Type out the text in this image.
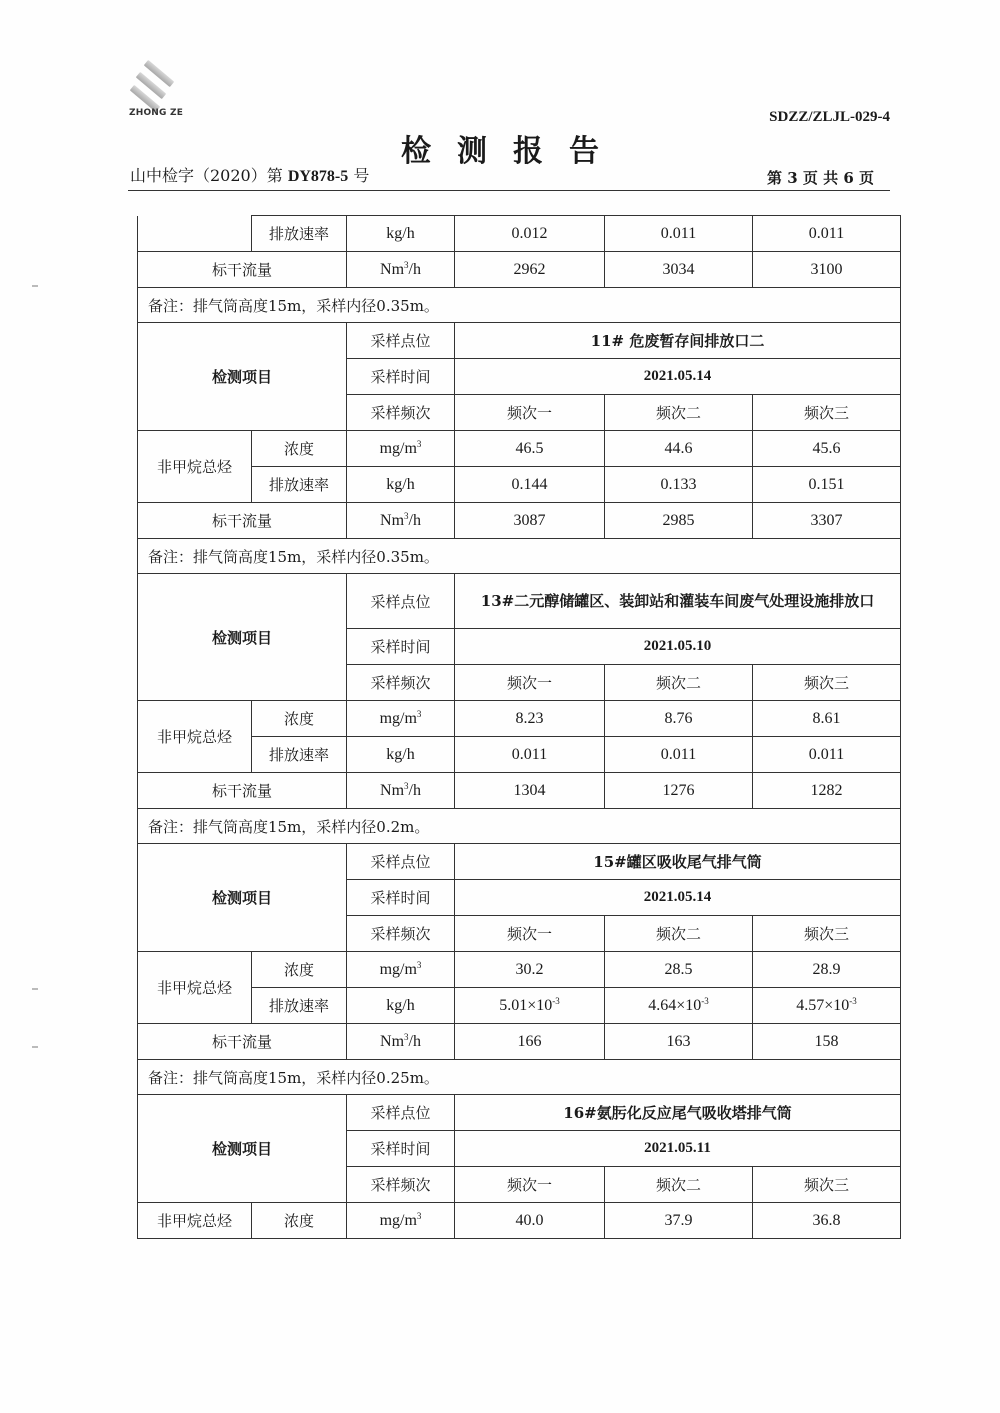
ZHONG ZE	SDZZ/ZLJL-029-4
检测报告
山中检字（2020）第 DY878-5 号	第 3 页 共 6 页
	排放速率	kg/h	0.012	0.011	0.011
标干流量		Nm$^3$/h	2962	3034	3100
备注：排气筒高度15m，采样内径0.35m。					
检测项目		采样点位	11# 危废暂存间排放口二		
		采样时间	2021.05.14		
		采样频次	频次一	频次二	频次三
非甲烷总烃	浓度	$mg/m^3$	46.5	44.6	45.6
	排放速率	kg/h	0.144	0.133	0.151
标干流量		Nm$^3$/h	3087	2985	3307
备注：排气筒高度15m，采样内径0.35m。					
检测项目		采样点位	13#二元醇储罐区、装卸站和灌装车间废气处理设施排放口		
		采样时间	2021.05.10		
		采样频次	频次一	频次二	频次三
非甲烷总烃	浓度	$mg/m^3$	8.23	8.76	8.61
	排放速率	kg/h	0.011	0.011	0.011
标干流量		Nm$^3$/h	1304	1276	1282
备注：排气筒高度15m，采样内径0.2m。					
检测项目		采样点位	15#罐区吸收尾气排气筒		
		采样时间	2021.05.14		
		采样频次	频次一	频次二	频次三
非甲烷总烃	浓度	$mg/m^3$	30.2	28.5	28.9
	排放速率	kg/h	$5.01\times 10^{-3}$	$4.64\times 10^{-3}$	$4.57\times 10^{-3}$
标干流量		Nm$^3$/h	166	163	158
备注：排气筒高度15m，采样内径0.25m。					
检测项目		采样点位	16#氨肟化反应尾气吸收塔排气筒		
		采样时间	2021.05.11		
		采样频次	频次一	频次二	频次三
非甲烷总烃	浓度	$mg/m^3$	40.0	37.9	36.8
